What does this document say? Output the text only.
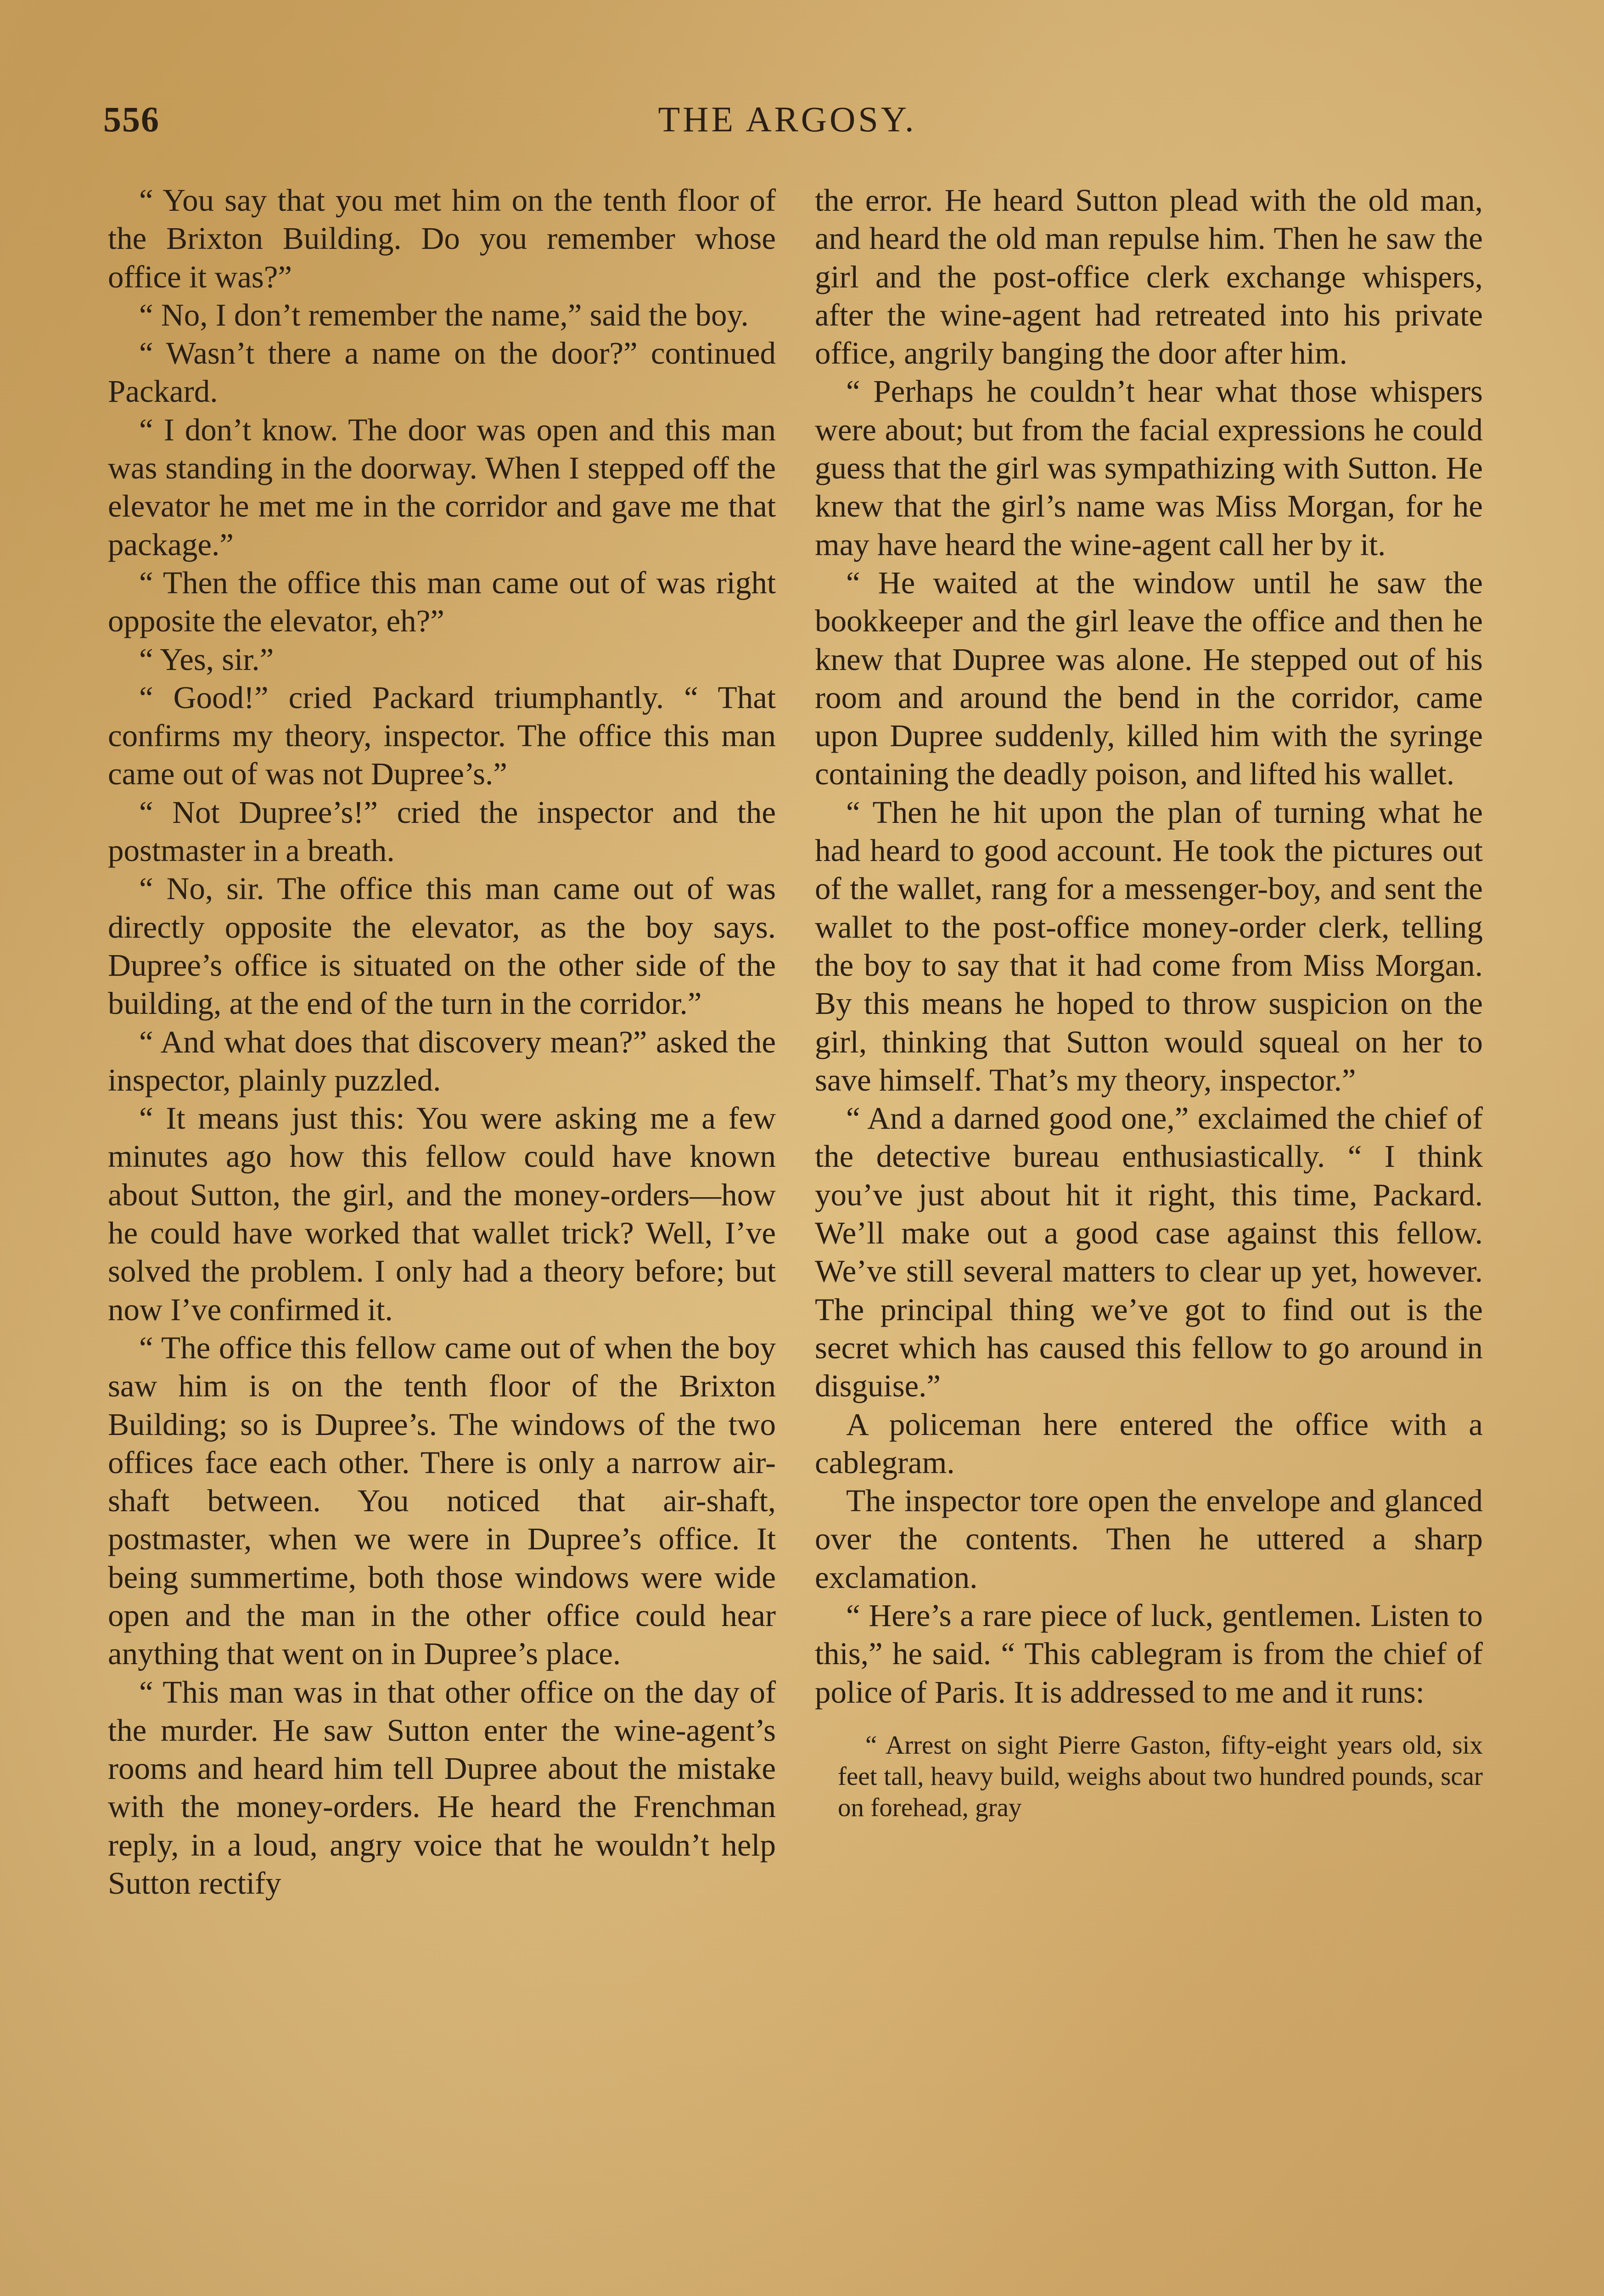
556	THE ARGOSY.

“ You say that you met him on the tenth floor of the Brixton Building. Do you remember whose office it was?”

“ No, I don’t remember the name,” said the boy.

“ Wasn’t there a name on the door?” continued Packard.

“ I don’t know. The door was open and this man was standing in the doorway. When I stepped off the elevator he met me in the corridor and gave me that package.”

“ Then the office this man came out of was right opposite the elevator, eh?”

“ Yes, sir.”

“ Good!” cried Packard triumphantly. “ That confirms my theory, inspector. The office this man came out of was not Dupree’s.”

“ Not Dupree’s!” cried the inspector and the postmaster in a breath.

“ No, sir. The office this man came out of was directly opposite the elevator, as the boy says. Dupree’s office is situated on the other side of the building, at the end of the turn in the corridor.”

“ And what does that discovery mean?” asked the inspector, plainly puzzled.

“ It means just this: You were asking me a few minutes ago how this fellow could have known about Sutton, the girl, and the money-orders—how he could have worked that wallet trick? Well, I’ve solved the problem. I only had a theory before; but now I’ve confirmed it.

“ The office this fellow came out of when the boy saw him is on the tenth floor of the Brixton Building; so is Dupree’s. The windows of the two offices face each other. There is only a narrow air-shaft between. You noticed that air-shaft, postmaster, when we were in Dupree’s office. It being summertime, both those windows were wide open and the man in the other office could hear anything that went on in Dupree’s place.

“ This man was in that other office on the day of the murder. He saw Sutton enter the wine-agent’s rooms and heard him tell Dupree about the mistake with the money-orders. He heard the Frenchman reply, in a loud, angry voice that he wouldn’t help Sutton rectify

the error. He heard Sutton plead with the old man, and heard the old man repulse him. Then he saw the girl and the post-office clerk exchange whispers, after the wine-agent had retreated into his private office, angrily banging the door after him.

“ Perhaps he couldn’t hear what those whispers were about; but from the facial expressions he could guess that the girl was sympathizing with Sutton. He knew that the girl’s name was Miss Morgan, for he may have heard the wine-agent call her by it.

“ He waited at the window until he saw the bookkeeper and the girl leave the office and then he knew that Dupree was alone. He stepped out of his room and around the bend in the corridor, came upon Dupree suddenly, killed him with the syringe containing the deadly poison, and lifted his wallet.

“ Then he hit upon the plan of turning what he had heard to good account. He took the pictures out of the wallet, rang for a messenger-boy, and sent the wallet to the post-office money-order clerk, telling the boy to say that it had come from Miss Morgan. By this means he hoped to throw suspicion on the girl, thinking that Sutton would squeal on her to save himself. That’s my theory, inspector.”

“ And a darned good one,” exclaimed the chief of the detective bureau enthusiastically. “ I think you’ve just about hit it right, this time, Packard. We’ll make out a good case against this fellow. We’ve still several matters to clear up yet, however. The principal thing we’ve got to find out is the secret which has caused this fellow to go around in disguise.”

A policeman here entered the office with a cablegram.

The inspector tore open the envelope and glanced over the contents. Then he uttered a sharp exclamation.

“ Here’s a rare piece of luck, gentlemen. Listen to this,” he said. “ This cablegram is from the chief of police of Paris. It is addressed to me and it runs:

“ Arrest on sight Pierre Gaston, fifty-eight years old, six feet tall, heavy build, weighs about two hundred pounds, scar on forehead, gray
